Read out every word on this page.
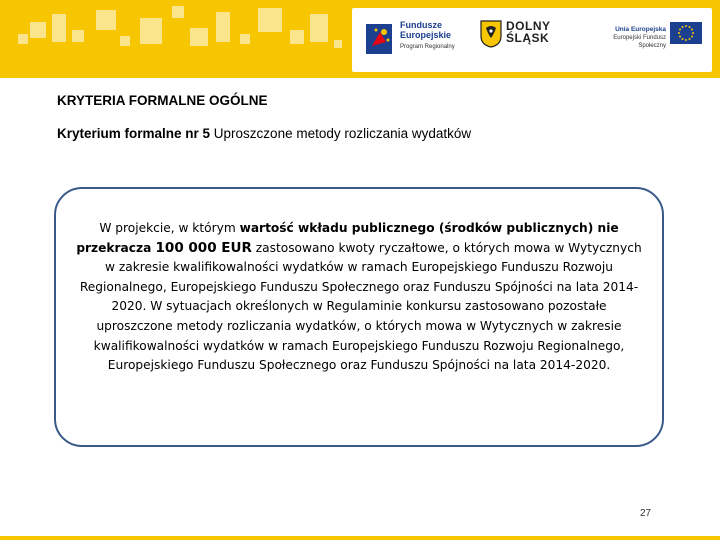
Fundusze
Europejskie
Program Regionalny
DOLNY
ŚLĄSK
Unia Europejska
Europejski Fundusz Społeczny
KRYTERIA FORMALNE OGÓLNE
Kryterium formalne nr 5 Uproszczone metody rozliczania wydatków

W projekcie, w którym wartość wkładu publicznego (środków publicznych) nie przekracza 100 000 EUR zastosowano kwoty ryczałtowe, o których mowa w Wytycznych w zakresie kwalifikowalności wydatków w ramach Europejskiego Funduszu Rozwoju Regionalnego, Europejskiego Funduszu Społecznego oraz Funduszu Spójności na lata 2014-2020. W sytuacjach określonych w Regulaminie konkursu zastosowano pozostałe uproszczone metody rozliczania wydatków, o których mowa w Wytycznych w zakresie kwalifikowalności wydatków w ramach Europejskiego Funduszu Rozwoju Regionalnego, Europejskiego Funduszu Społecznego oraz Funduszu Spójności na lata 2014-2020.

27
